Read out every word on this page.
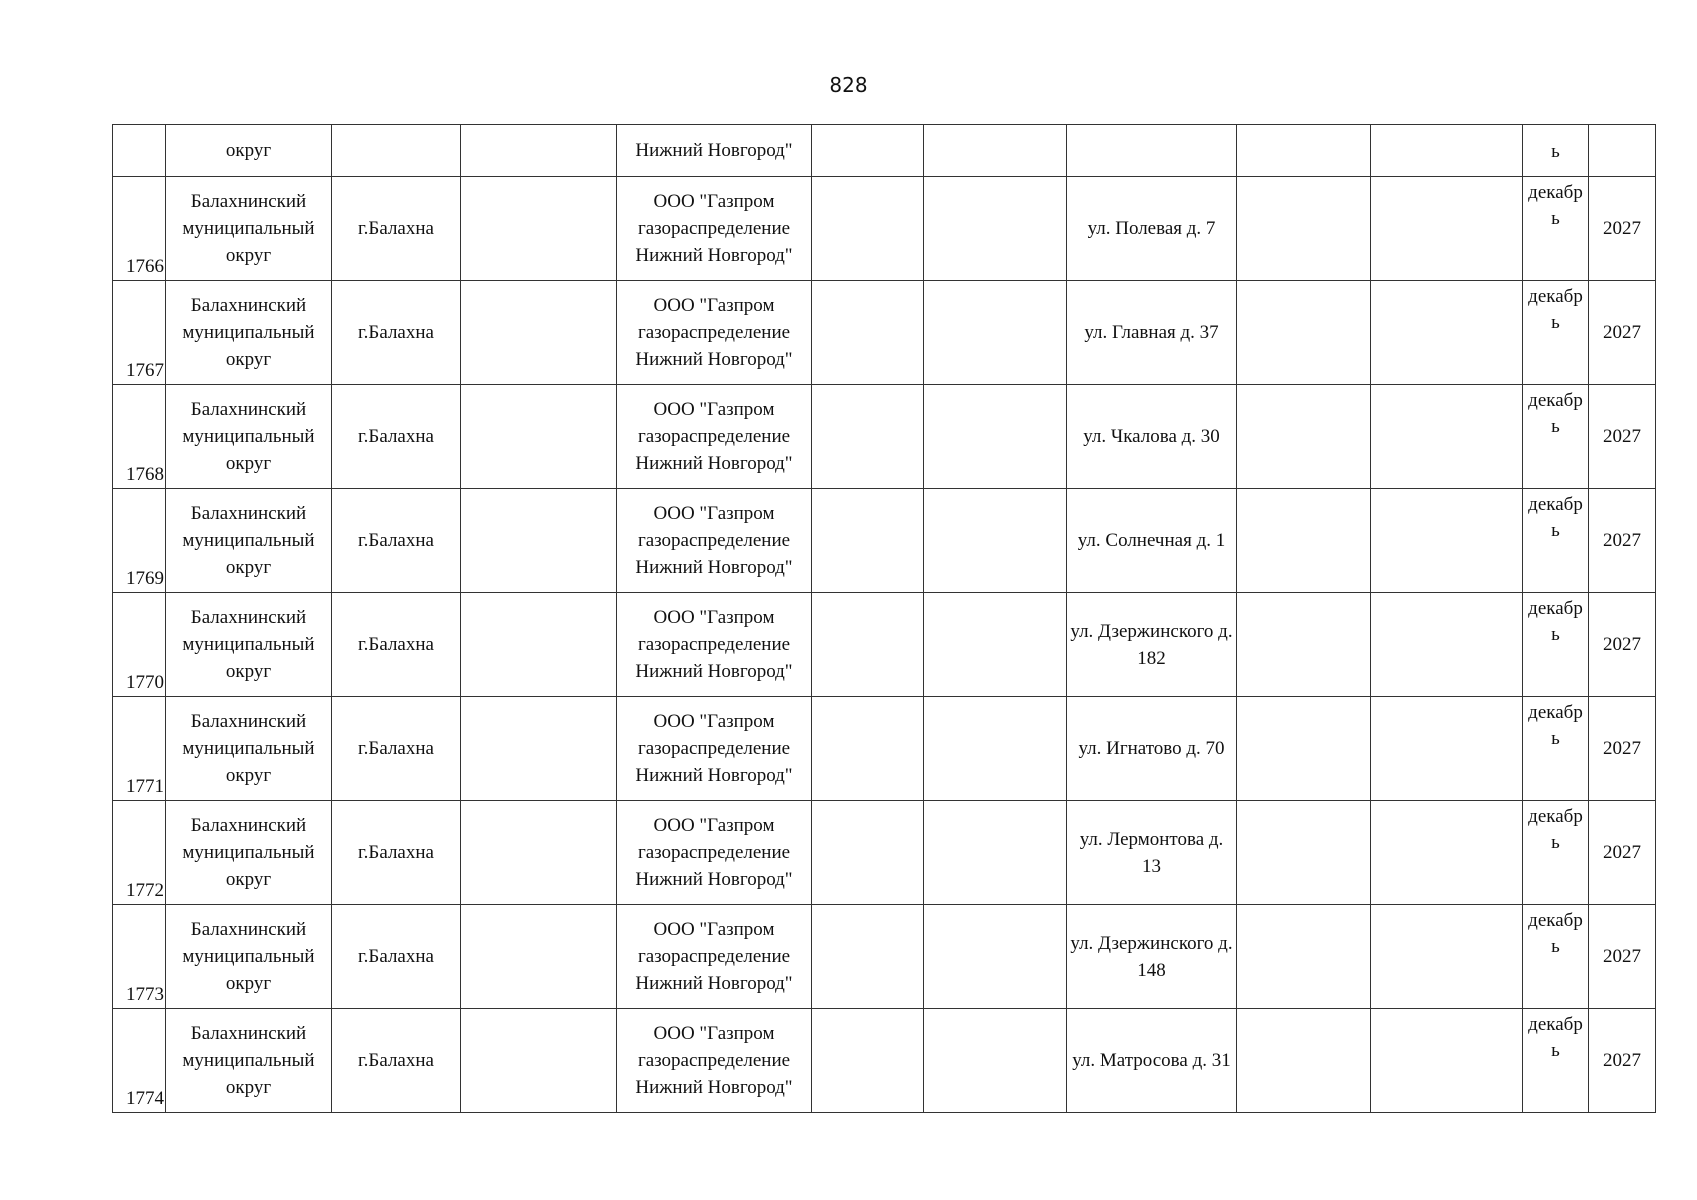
828
	округ			Нижний Новгород"						ь	
1766	Балахнинский муниципальный округ	г.Балахна		ООО "Газпром газораспределение Нижний Новгород"			ул. Полевая д. 7			декабрь	2027
1767	Балахнинский муниципальный округ	г.Балахна		ООО "Газпром газораспределение Нижний Новгород"			ул. Главная д. 37			декабрь	2027
1768	Балахнинский муниципальный округ	г.Балахна		ООО "Газпром газораспределение Нижний Новгород"			ул. Чкалова д. 30			декабрь	2027
1769	Балахнинский муниципальный округ	г.Балахна		ООО "Газпром газораспределение Нижний Новгород"			ул. Солнечная д. 1			декабрь	2027
1770	Балахнинский муниципальный округ	г.Балахна		ООО "Газпром газораспределение Нижний Новгород"			ул. Дзержинского д. 182			декабрь	2027
1771	Балахнинский муниципальный округ	г.Балахна		ООО "Газпром газораспределение Нижний Новгород"			ул. Игнатово д. 70			декабрь	2027
1772	Балахнинский муниципальный округ	г.Балахна		ООО "Газпром газораспределение Нижний Новгород"			ул. Лермонтова д. 13			декабрь	2027
1773	Балахнинский муниципальный округ	г.Балахна		ООО "Газпром газораспределение Нижний Новгород"			ул. Дзержинского д. 148			декабрь	2027
1774	Балахнинский муниципальный округ	г.Балахна		ООО "Газпром газораспределение Нижний Новгород"			ул. Матросова д. 31			декабрь	2027
